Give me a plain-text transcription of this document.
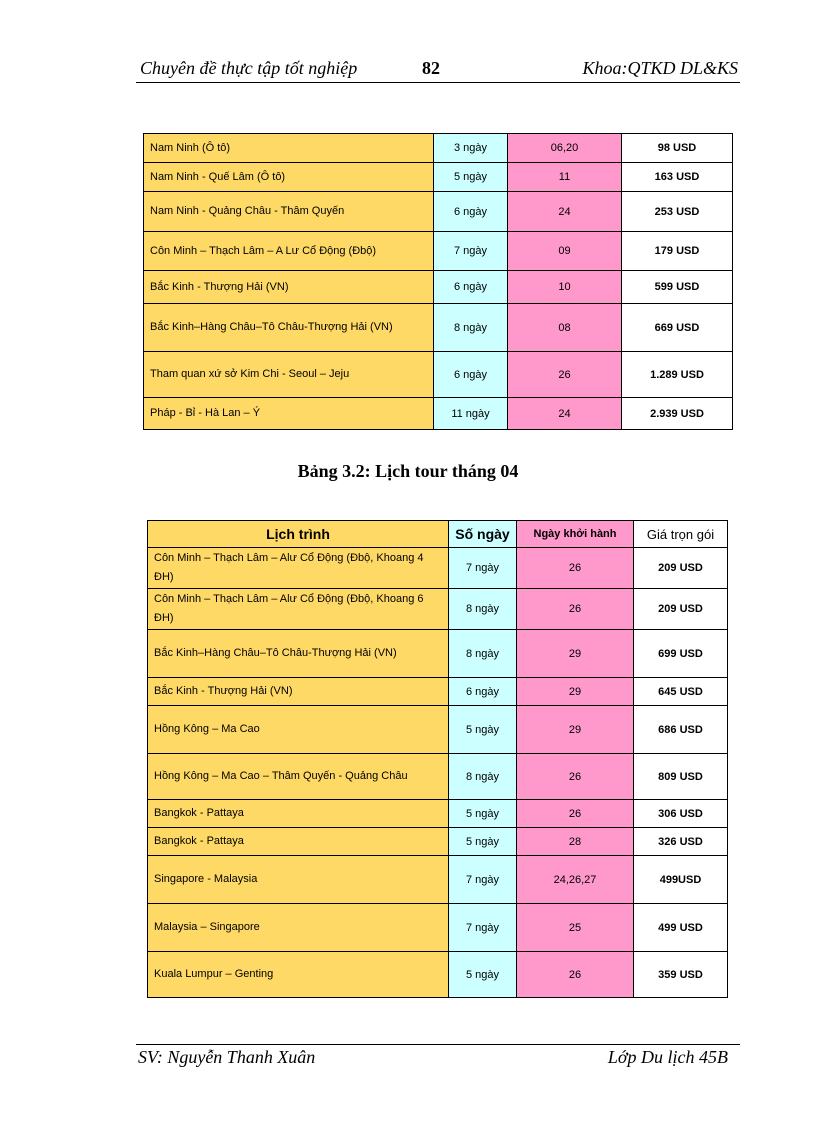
Chuyên đề thực tập tốt nghiệp	82	Khoa:QTKD DL&KS
Nam Ninh (Ô tô)	3 ngày	06,20	98 USD
Nam Ninh - Quế Lâm (Ô tô)	5 ngày	11	163 USD
Nam Ninh - Quảng Châu - Thâm Quyến	6 ngày	24	253 USD
Côn Minh – Thạch Lâm – A Lư Cổ Động (Đbộ)	7 ngày	09	179 USD
Bắc Kinh - Thượng Hải (VN)	6 ngày	10	599 USD
Bắc Kinh–Hàng Châu–Tô Châu-Thượng Hải (VN)	8 ngày	08	669 USD
Tham quan xứ sở Kim Chi - Seoul – Jeju	6 ngày	26	1.289 USD
Pháp - Bỉ - Hà Lan – Ý	11 ngày	24	2.939 USD
Bảng 3.2: Lịch tour tháng 04
Lịch trình	Số ngày	Ngày khởi hành	Giá trọn gói
Côn Minh – Thạch Lâm – Alư Cổ Động (Đbộ, Khoang 4 ĐH)	7 ngày	26	209 USD
Côn Minh – Thạch Lâm – Alư Cổ Động (Đbộ, Khoang 6 ĐH)	8 ngày	26	209 USD
Bắc Kinh–Hàng Châu–Tô Châu-Thượng Hải (VN)	8 ngày	29	699 USD
Bắc Kinh - Thượng Hải (VN)	6 ngày	29	645 USD
Hồng Kông – Ma Cao	5 ngày	29	686 USD
Hồng Kông – Ma Cao – Thâm Quyến - Quảng Châu	8 ngày	26	809 USD
Bangkok - Pattaya	5 ngày	26	306 USD
Bangkok - Pattaya	5 ngày	28	326 USD
Singapore - Malaysia	7 ngày	24,26,27	499USD
Malaysia – Singapore	7 ngày	25	499 USD
Kuala Lumpur – Genting	5 ngày	26	359 USD
SV: Nguyễn Thanh Xuân	Lớp Du lịch 45B
